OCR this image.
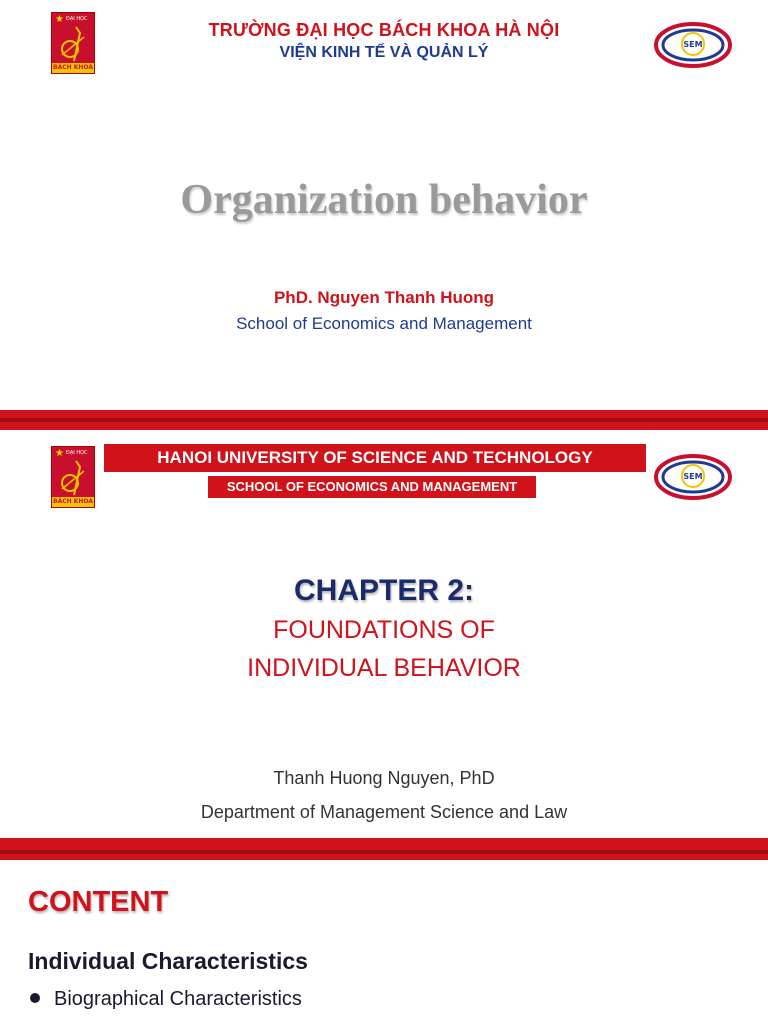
★ ĐẠI HỌC
BÁCH KHOA
TRƯỜNG ĐẠI HỌC BÁCH KHOA HÀ NỘI
VIỆN KINH TẾ VÀ QUẢN LÝ	SEM
Organization behavior
PhD. Nguyen Thanh Huong
School of Economics and Management
★ ĐẠI HỌC
BÁCH KHOA
HANOI UNIVERSITY OF SCIENCE AND TECHNOLOGY
SCHOOL OF ECONOMICS AND MANAGEMENT
SEM
CHAPTER 2:
FOUNDATIONS OF
INDIVIDUAL BEHAVIOR
Thanh Huong Nguyen, PhD
Department of Management Science and Law
CONTENT
Individual Characteristics
Biographical Characteristics
